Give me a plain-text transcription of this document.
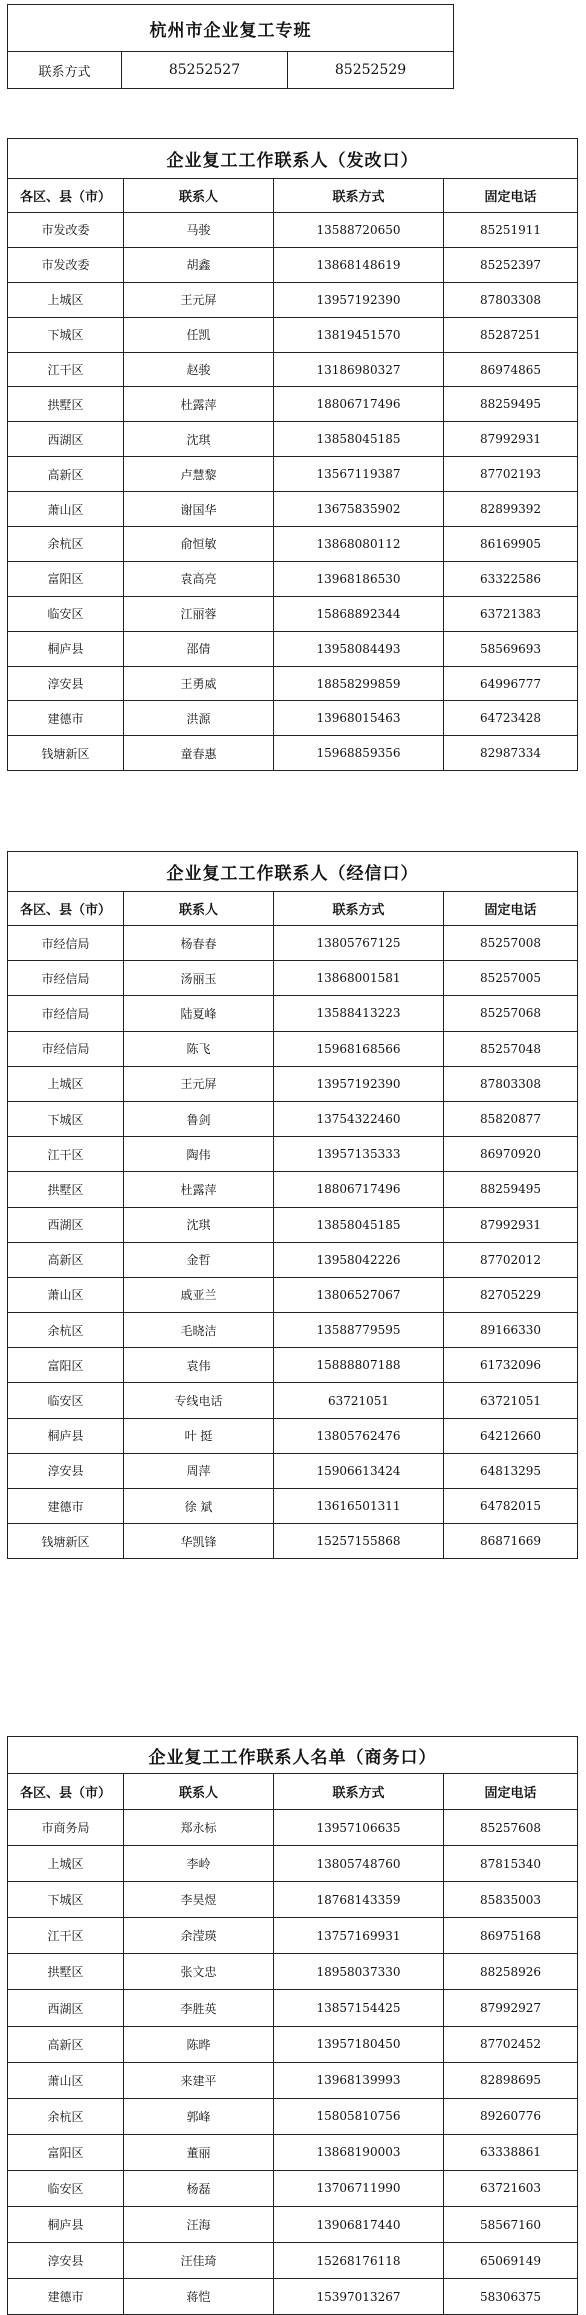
杭州市企业复工专班
联系方式	85252527	85252529
企业复工工作联系人（发改口）			
各区、县（市）	联系人	联系方式	固定电话
市发改委	马骏	13588720650	85251911
市发改委	胡鑫	13868148619	85252397
上城区	王元屏	13957192390	87803308
下城区	任凯	13819451570	85287251
江干区	赵骏	13186980327	86974865
拱墅区	杜露萍	18806717496	88259495
西湖区	沈琪	13858045185	87992931
高新区	卢慧黎	13567119387	87702193
萧山区	谢国华	13675835902	82899392
余杭区	俞恒敏	13868080112	86169905
富阳区	袁高亮	13968186530	63322586
临安区	江丽蓉	15868892344	63721383
桐庐县	邵倩	13958084493	58569693
淳安县	王勇威	18858299859	64996777
建德市	洪源	13968015463	64723428
钱塘新区	童春惠	15968859356	82987334
企业复工工作联系人（经信口）			
各区、县（市）	联系人	联系方式	固定电话
市经信局	杨春春	13805767125	85257008
市经信局	汤丽玉	13868001581	85257005
市经信局	陆夏峰	13588413223	85257068
市经信局	陈飞	15968168566	85257048
上城区	王元屏	13957192390	87803308
下城区	鲁剑	13754322460	85820877
江干区	陶伟	13957135333	86970920
拱墅区	杜露萍	18806717496	88259495
西湖区	沈琪	13858045185	87992931
高新区	金哲	13958042226	87702012
萧山区	戚亚兰	13806527067	82705229
余杭区	毛晓洁	13588779595	89166330
富阳区	袁伟	15888807188	61732096
临安区	专线电话	63721051	63721051
桐庐县	叶 挺	13805762476	64212660
淳安县	周萍	15906613424	64813295
建德市	徐 斌	13616501311	64782015
钱塘新区	华凯锋	15257155868	86871669
企业复工工作联系人名单（商务口）			
各区、县（市）	联系人	联系方式	固定电话
市商务局	郑永标	13957106635	85257608
上城区	李岭	13805748760	87815340
下城区	李昊煜	18768143359	85835003
江干区	余滢瑛	13757169931	86975168
拱墅区	张文忠	18958037330	88258926
西湖区	李胜英	13857154425	87992927
高新区	陈晔	13957180450	87702452
萧山区	来建平	13968139993	82898695
余杭区	郭峰	15805810756	89260776
富阳区	董丽	13868190003	63338861
临安区	杨磊	13706711990	63721603
桐庐县	汪海	13906817440	58567160
淳安县	汪佳琦	15268176118	65069149
建德市	蒋恺	15397013267	58306375
